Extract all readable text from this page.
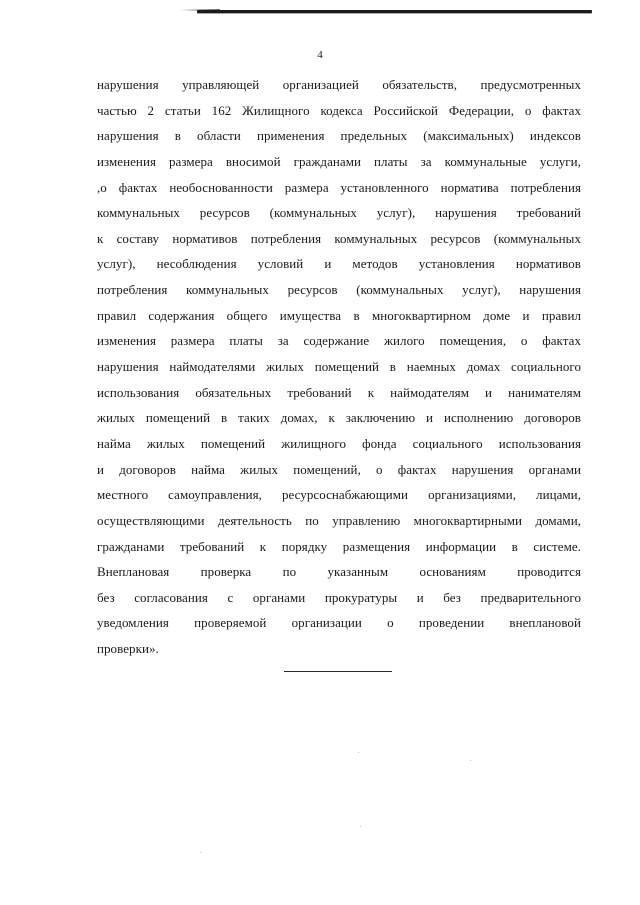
4
нарушения управляющей организацией обязательств, предусмотренных
частью 2 статьи 162 Жилищного кодекса Российской Федерации, о фактах
нарушения в области применения предельных (максимальных) индексов
изменения размера вносимой гражданами платы за коммунальные услуги,
,о фактах необоснованности размера установленного норматива потребления
коммунальных ресурсов (коммунальных услуг), нарушения требований
к составу нормативов потребления коммунальных ресурсов (коммунальных
услуг), несоблюдения условий и методов установления нормативов
потребления коммунальных ресурсов (коммунальных услуг), нарушения
правил содержания общего имущества в многоквартирном доме и правил
изменения размера платы за содержание жилого помещения, о фактах
нарушения наймодателями жилых помещений в наемных домах социального
использования обязательных требований к наймодателям и нанимателям
жилых помещений в таких домах, к заключению и исполнению договоров
найма жилых помещений жилищного фонда социального использования
и договоров найма жилых помещений, о фактах нарушения органами
местного самоуправления, ресурсоснабжающими организациями, лицами,
осуществляющими деятельность по управлению многоквартирными домами,
гражданами требований к порядку размещения информации в системе.
Внеплановая проверка по указанным основаниям проводится
без согласования с органами прокуратуры и без предварительного
уведомления проверяемой организации о проведении внеплановой
проверки».
